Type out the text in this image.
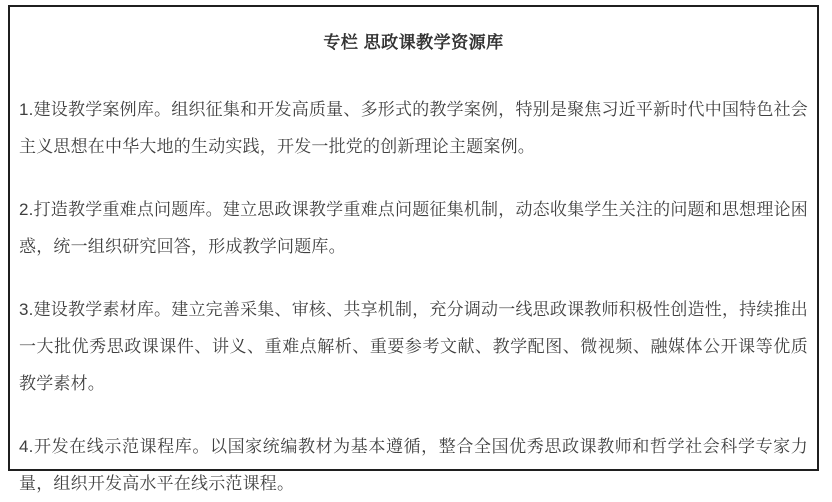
专栏 思政课教学资源库

1.建设教学案例库。组织征集和开发高质量、多形式的教学案例，特别是聚焦习近平新时代中国特色社会主义思想在中华大地的生动实践，开发一批党的创新理论主题案例。

2.打造教学重难点问题库。建立思政课教学重难点问题征集机制，动态收集学生关注的问题和思想理论困惑，统一组织研究回答，形成教学问题库。

3.建设教学素材库。建立完善采集、审核、共享机制，充分调动一线思政课教师积极性创造性，持续推出一大批优秀思政课课件、讲义、重难点解析、重要参考文献、教学配图、微视频、融媒体公开课等优质教学素材。

4.开发在线示范课程库。以国家统编教材为基本遵循，整合全国优秀思政课教师和哲学社会科学专家力量，组织开发高水平在线示范课程。
